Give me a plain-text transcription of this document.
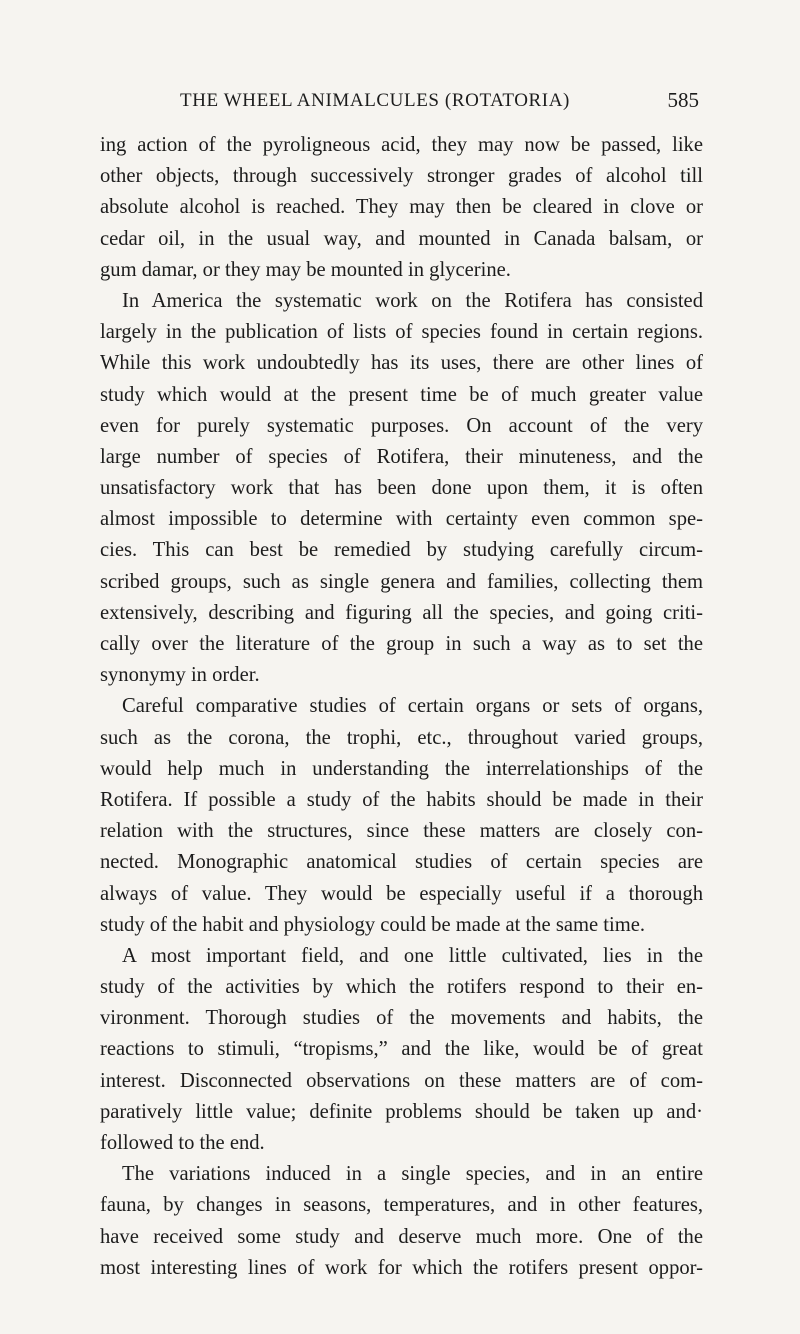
THE WHEEL ANIMALCULES (ROTATORIA)	585
ing action of the pyroligneous acid, they may now be passed, like
other objects, through successively stronger grades of alcohol till
absolute alcohol is reached. They may then be cleared in clove or
cedar oil, in the usual way, and mounted in Canada balsam, or
gum damar, or they may be mounted in glycerine.
In America the systematic work on the Rotifera has consisted
largely in the publication of lists of species found in certain regions.
While this work undoubtedly has its uses, there are other lines of
study which would at the present time be of much greater value
even for purely systematic purposes. On account of the very
large number of species of Rotifera, their minuteness, and the
unsatisfactory work that has been done upon them, it is often
almost impossible to determine with certainty even common spe-
cies. This can best be remedied by studying carefully circum-
scribed groups, such as single genera and families, collecting them
extensively, describing and figuring all the species, and going criti-
cally over the literature of the group in such a way as to set the
synonymy in order.
Careful comparative studies of certain organs or sets of organs,
such as the corona, the trophi, etc., throughout varied groups,
would help much in understanding the interrelationships of the
Rotifera. If possible a study of the habits should be made in their
relation with the structures, since these matters are closely con-
nected. Monographic anatomical studies of certain species are
always of value. They would be especially useful if a thorough
study of the habit and physiology could be made at the same time.
A most important field, and one little cultivated, lies in the
study of the activities by which the rotifers respond to their en-
vironment. Thorough studies of the movements and habits, the
reactions to stimuli, “tropisms,” and the like, would be of great
interest. Disconnected observations on these matters are of com-
paratively little value; definite problems should be taken up and·
followed to the end.
The variations induced in a single species, and in an entire
fauna, by changes in seasons, temperatures, and in other features,
have received some study and deserve much more. One of the
most interesting lines of work for which the rotifers present oppor-
